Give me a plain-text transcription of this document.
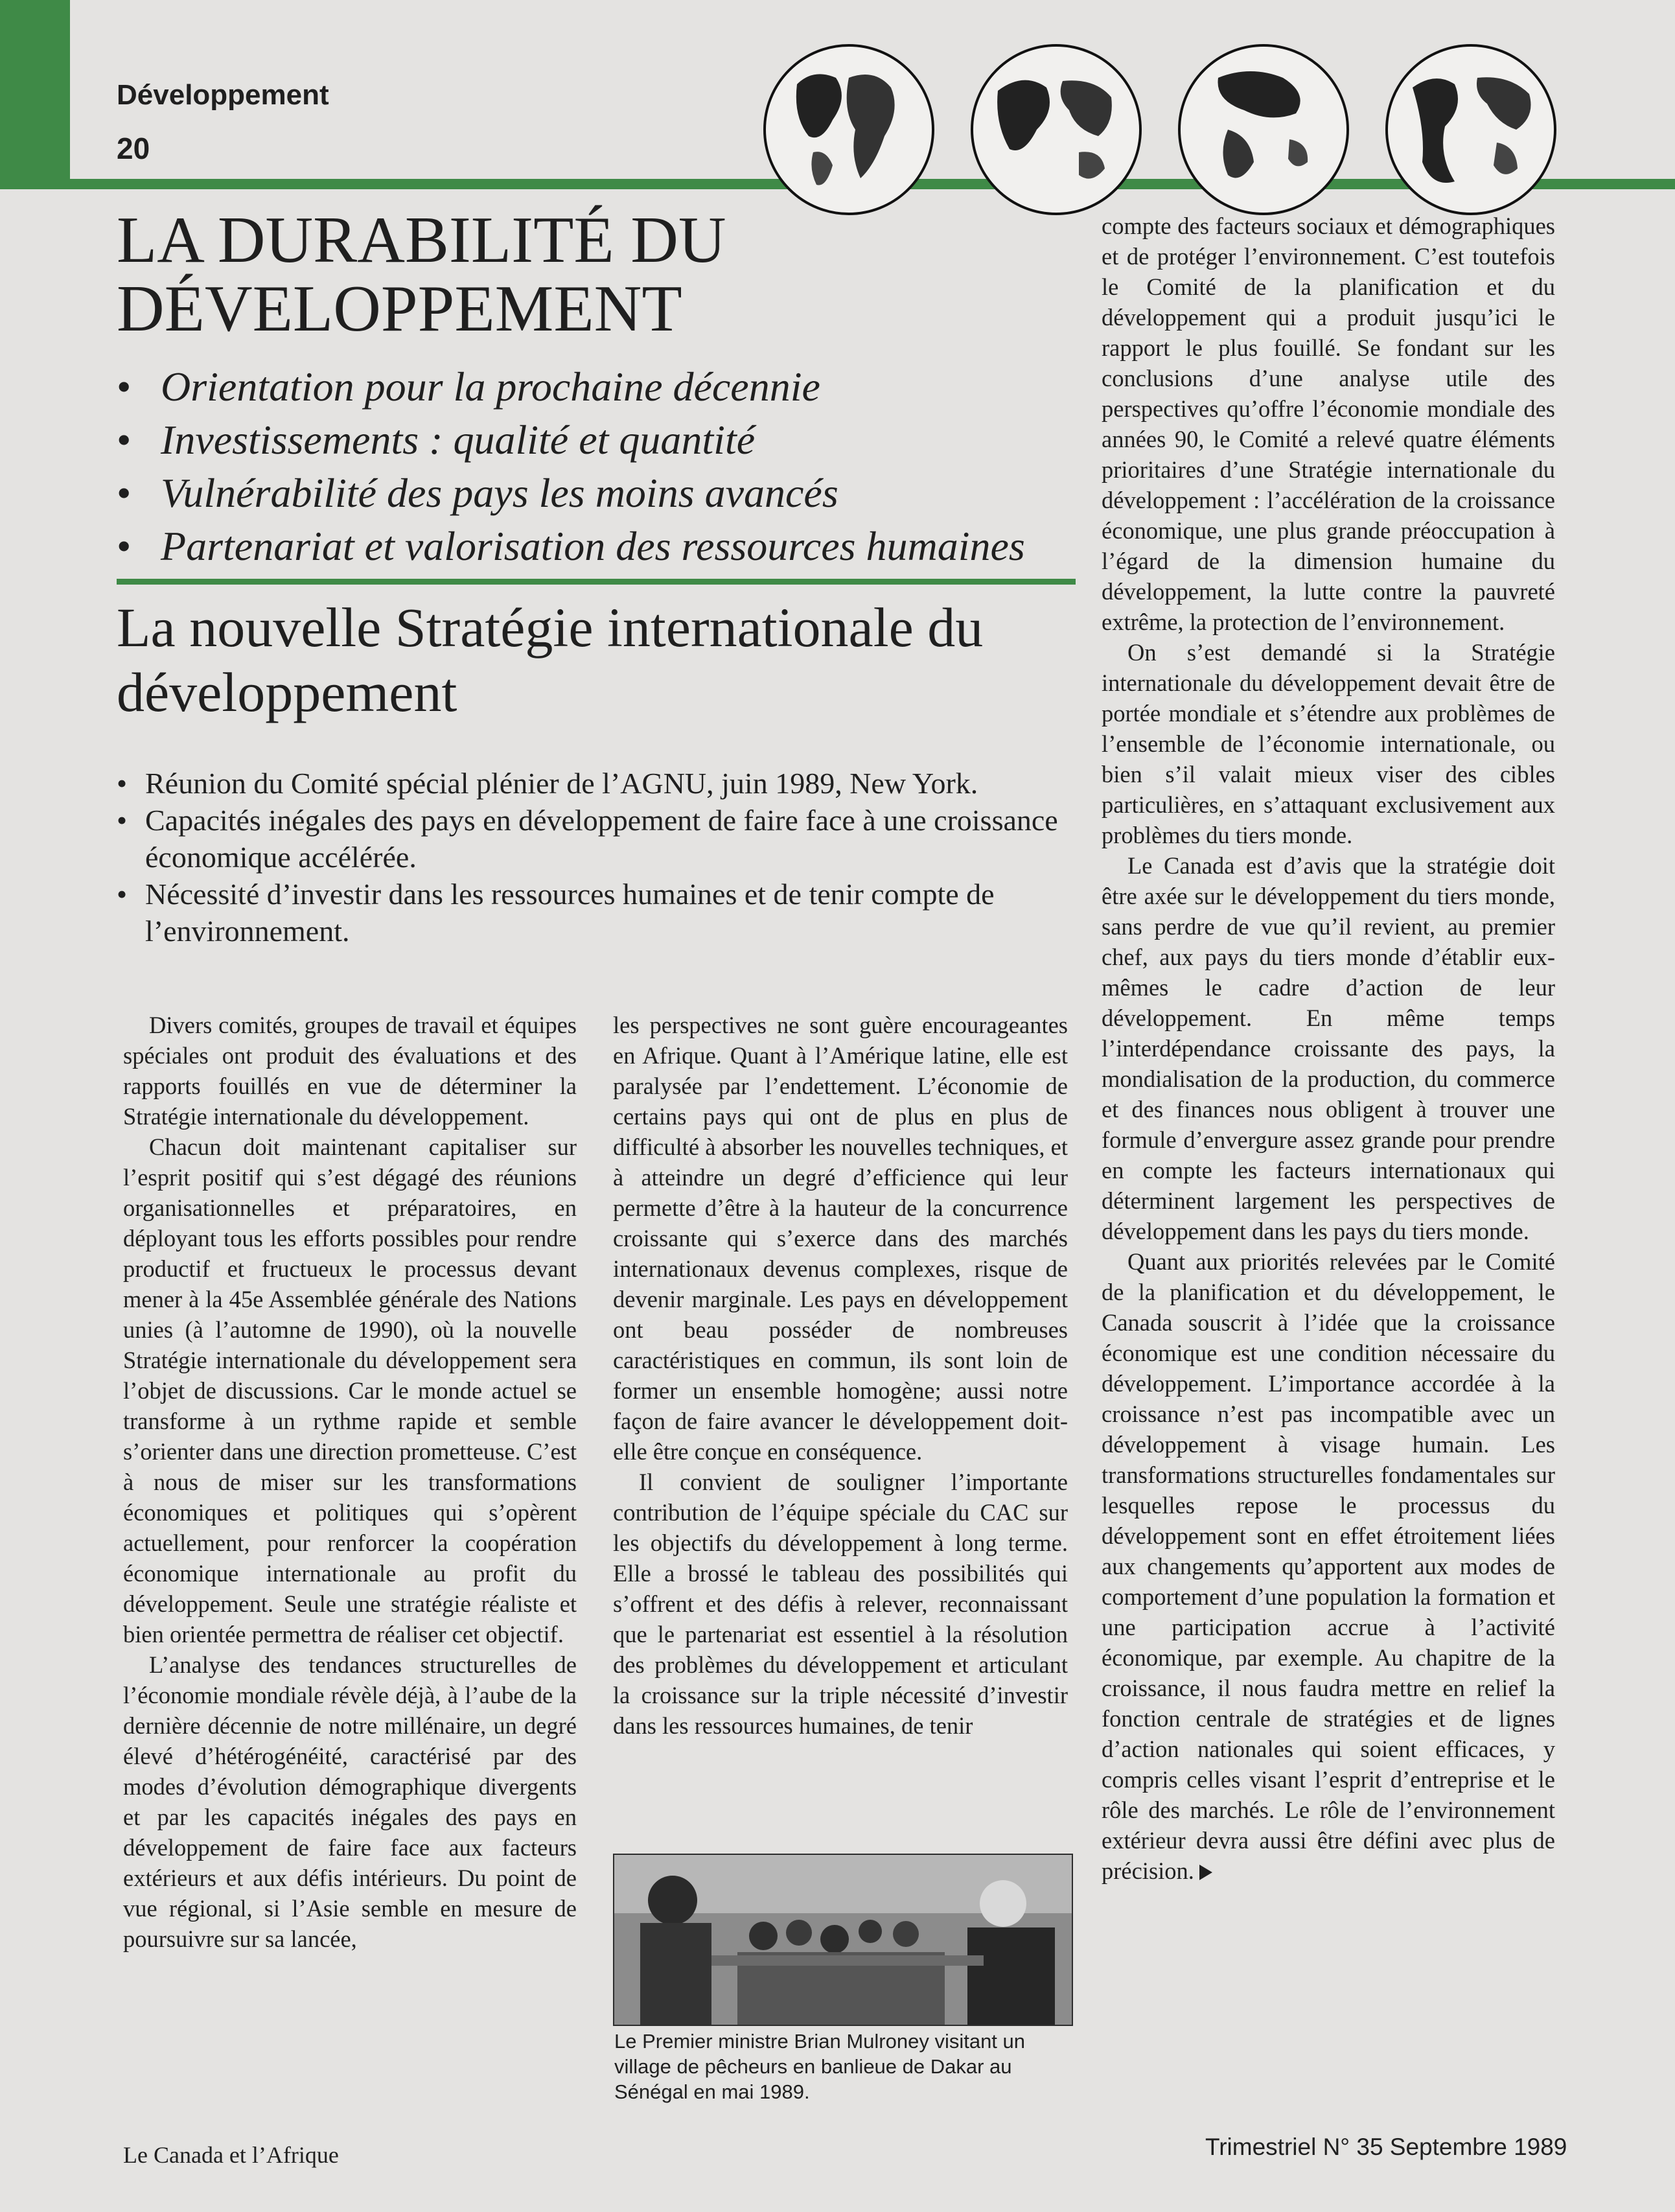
Développement
20
LA DURABILITÉ DU DÉVELOPPEMENT
• Orientation pour la prochaine décennie
• Investissements : qualité et quantité
• Vulnérabilité des pays les moins avancés
• Partenariat et valorisation des ressources humaines
La nouvelle Stratégie internationale du développement
• Réunion du Comité spécial plénier de l’AGNU, juin 1989, New York.
• Capacités inégales des pays en développement de faire face à une croissance économique accélérée.
• Nécessité d’investir dans les ressources humaines et de tenir compte de l’environnement.

Divers comités, groupes de travail et équipes spéciales ont produit des évaluations et des rapports fouillés en vue de déterminer la Stratégie internationale du développement.

Chacun doit maintenant capitaliser sur l’esprit positif qui s’est dégagé des réunions organisationnelles et préparatoires, en déployant tous les efforts possibles pour rendre productif et fructueux le processus devant mener à la 45e Assemblée générale des Nations unies (à l’automne de 1990), où la nouvelle Stratégie internationale du développement sera l’objet de discussions. Car le monde actuel se transforme à un rythme rapide et semble s’orienter dans une direction prometteuse. C’est à nous de miser sur les transformations économiques et politiques qui s’opèrent actuellement, pour renforcer la coopération économique internationale au profit du développement. Seule une stratégie réaliste et bien orientée permettra de réaliser cet objectif.

L’analyse des tendances structurelles de l’économie mondiale révèle déjà, à l’aube de la dernière décennie de notre millénaire, un degré élevé d’hétérogénéité, caractérisé par des modes d’évolution démographique divergents et par les capacités inégales des pays en développement de faire face aux facteurs extérieurs et aux défis intérieurs. Du point de vue régional, si l’Asie semble en mesure de poursuivre sur sa lancée,

les perspectives ne sont guère encourageantes en Afrique. Quant à l’Amérique latine, elle est paralysée par l’endettement. L’économie de certains pays qui ont de plus en plus de difficulté à absorber les nouvelles techniques, et à atteindre un degré d’efficience qui leur permette d’être à la hauteur de la concurrence croissante qui s’exerce dans des marchés internationaux devenus complexes, risque de devenir marginale. Les pays en développement ont beau posséder de nombreuses caractéristiques en commun, ils sont loin de former un ensemble homogène; aussi notre façon de faire avancer le développement doit-elle être conçue en conséquence.

Il convient de souligner l’importante contribution de l’équipe spéciale du CAC sur les objectifs du développement à long terme. Elle a brossé le tableau des possibilités qui s’offrent et des défis à relever, reconnaissant que le partenariat est essentiel à la résolution des problèmes du développement et articulant la croissance sur la triple nécessité d’investir dans les ressources humaines, de tenir

compte des facteurs sociaux et démographiques et de protéger l’environnement. C’est toutefois le Comité de la planification et du développement qui a produit jusqu’ici le rapport le plus fouillé. Se fondant sur les conclusions d’une analyse utile des perspectives qu’offre l’économie mondiale des années 90, le Comité a relevé quatre éléments prioritaires d’une Stratégie internationale du développement : l’accélération de la croissance économique, une plus grande préoccupation à l’égard de la dimension humaine du développement, la lutte contre la pauvreté extrême, la protection de l’environnement.

On s’est demandé si la Stratégie internationale du développement devait être de portée mondiale et s’étendre aux problèmes de l’ensemble de l’économie internationale, ou bien s’il valait mieux viser des cibles particulières, en s’attaquant exclusivement aux problèmes du tiers monde.

Le Canada est d’avis que la stratégie doit être axée sur le développement du tiers monde, sans perdre de vue qu’il revient, au premier chef, aux pays du tiers monde d’établir eux-mêmes le cadre d’action de leur développement. En même temps l’interdépendance croissante des pays, la mondialisation de la production, du commerce et des finances nous obligent à trouver une formule d’envergure assez grande pour prendre en compte les facteurs internationaux qui déterminent largement les perspectives de développement dans les pays du tiers monde.

Quant aux priorités relevées par le Comité de la planification et du développement, le Canada souscrit à l’idée que la croissance économique est une condition nécessaire du développement. L’importance accordée à la croissance n’est pas incompatible avec un développement à visage humain. Les transformations structurelles fondamentales sur lesquelles repose le processus du développement sont en effet étroitement liées aux changements qu’apportent aux modes de comportement d’une population la formation et une participation accrue à l’activité économique, par exemple. Au chapitre de la croissance, il nous faudra mettre en relief la fonction centrale de stratégies et de lignes d’action nationales qui soient efficaces, y compris celles visant l’esprit d’entreprise et le rôle des marchés. Le rôle de l’environnement extérieur devra aussi être défini avec plus de précision.

Le Premier ministre Brian Mulroney visitant un village de pêcheurs en banlieue de Dakar au Sénégal en mai 1989.

Le Canada et l’Afrique	Trimestriel N° 35 Septembre 1989
